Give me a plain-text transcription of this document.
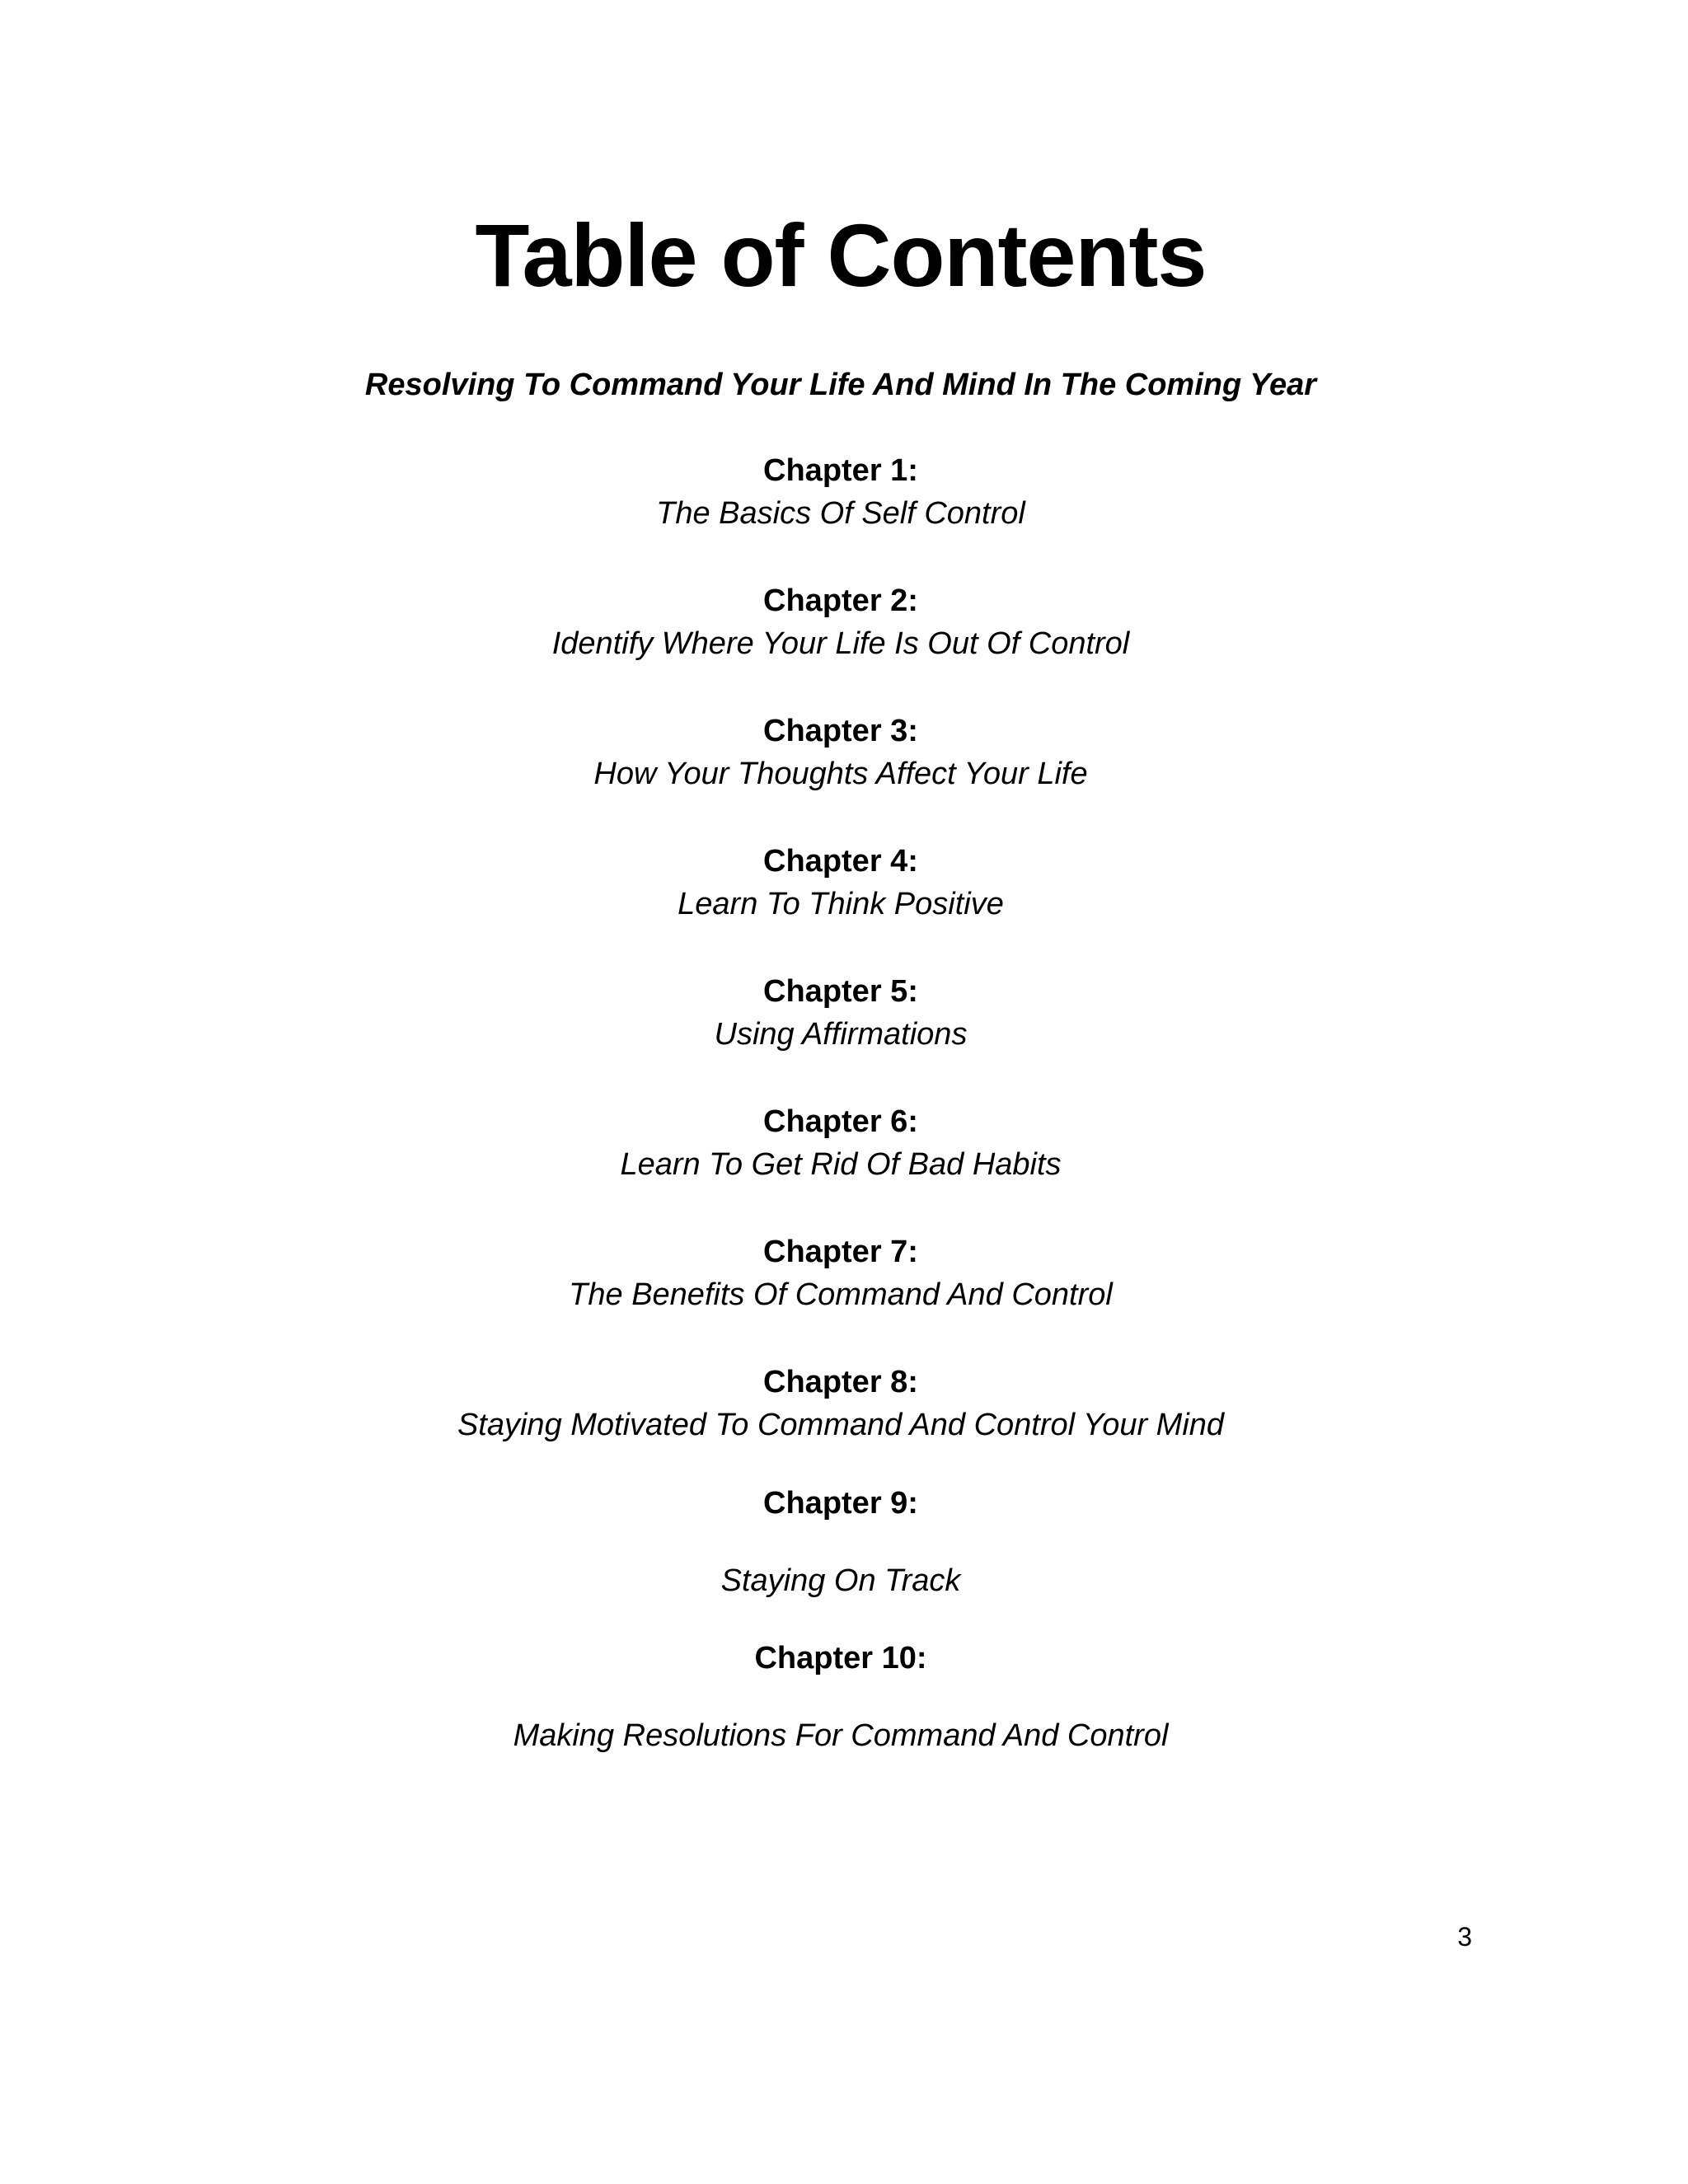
Table of Contents
Resolving To Command Your Life And Mind In The Coming Year
Chapter 1:
The Basics Of Self Control
Chapter 2:
Identify Where Your Life Is Out Of Control
Chapter 3:
How Your Thoughts Affect Your Life
Chapter 4:
Learn To Think Positive
Chapter 5:
Using Affirmations
Chapter 6:
Learn To Get Rid Of Bad Habits
Chapter 7:
The Benefits Of Command And Control
Chapter 8:
Staying Motivated To Command And Control Your Mind
Chapter 9:
Staying On Track
Chapter 10:
Making Resolutions For Command And Control
3
